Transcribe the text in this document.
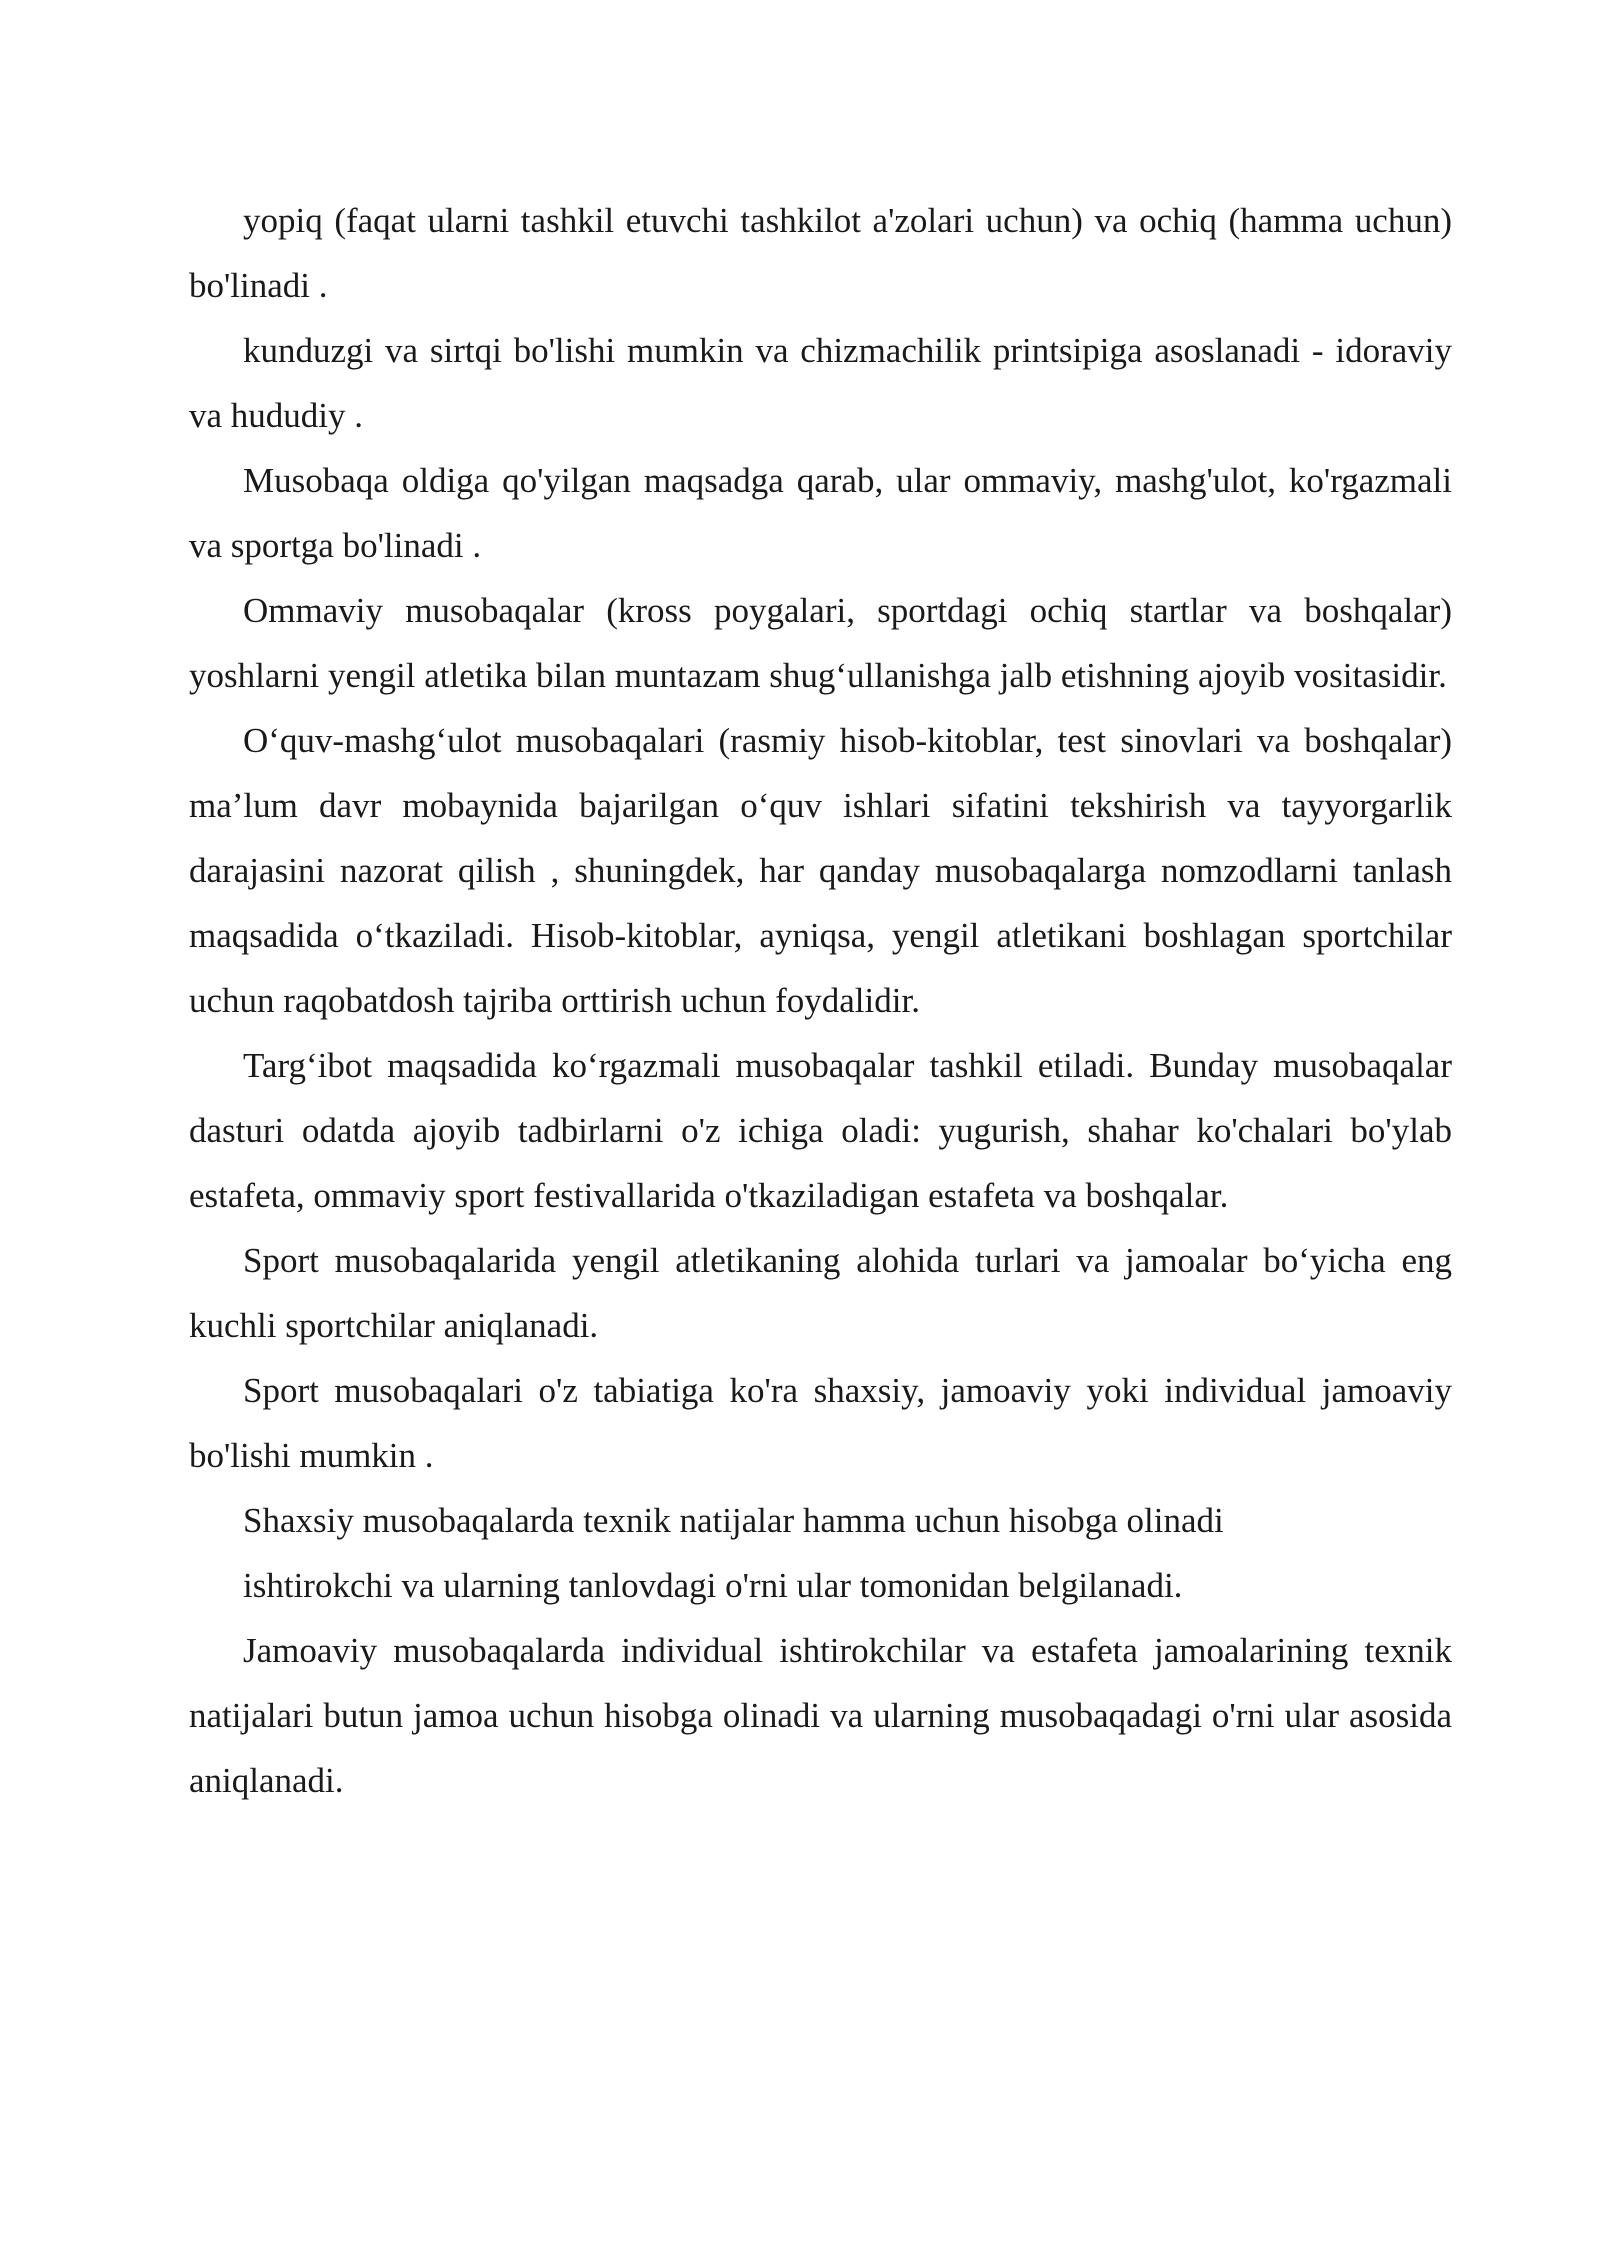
yopiq (faqat ularni tashkil etuvchi tashkilot a'zolari uchun) va ochiq (hamma uchun) bo'linadi .

kunduzgi va sirtqi bo'lishi mumkin va chizmachilik printsipiga asoslanadi - idoraviy va hududiy .

Musobaqa oldiga qo'yilgan maqsadga qarab, ular ommaviy, mashg'ulot, ko'rgazmali va sportga bo'linadi .

Ommaviy musobaqalar (kross poygalari, sportdagi ochiq startlar va boshqalar) yoshlarni yengil atletika bilan muntazam shug‘ullanishga jalb etishning ajoyib vositasidir.

O‘quv-mashg‘ulot musobaqalari (rasmiy hisob-kitoblar, test sinovlari va boshqalar) ma’lum davr mobaynida bajarilgan o‘quv ishlari sifatini tekshirish va tayyorgarlik darajasini nazorat qilish , shuningdek, har qanday musobaqalarga nomzodlarni tanlash maqsadida o‘tkaziladi. Hisob-kitoblar, ayniqsa, yengil atletikani boshlagan sportchilar uchun raqobatdosh tajriba orttirish uchun foydalidir.

Targ‘ibot maqsadida ko‘rgazmali musobaqalar tashkil etiladi. Bunday musobaqalar dasturi odatda ajoyib tadbirlarni o'z ichiga oladi: yugurish, shahar ko'chalari bo'ylab estafeta, ommaviy sport festivallarida o'tkaziladigan estafeta va boshqalar.

Sport musobaqalarida yengil atletikaning alohida turlari va jamoalar bo‘yicha eng kuchli sportchilar aniqlanadi.

Sport musobaqalari o'z tabiatiga ko'ra shaxsiy, jamoaviy yoki individual jamoaviy bo'lishi mumkin .

Shaxsiy musobaqalarda texnik natijalar hamma uchun hisobga olinadi

ishtirokchi va ularning tanlovdagi o'rni ular tomonidan belgilanadi.

Jamoaviy musobaqalarda individual ishtirokchilar va estafeta jamoalarining texnik natijalari butun jamoa uchun hisobga olinadi va ularning musobaqadagi o'rni ular asosida aniqlanadi.
